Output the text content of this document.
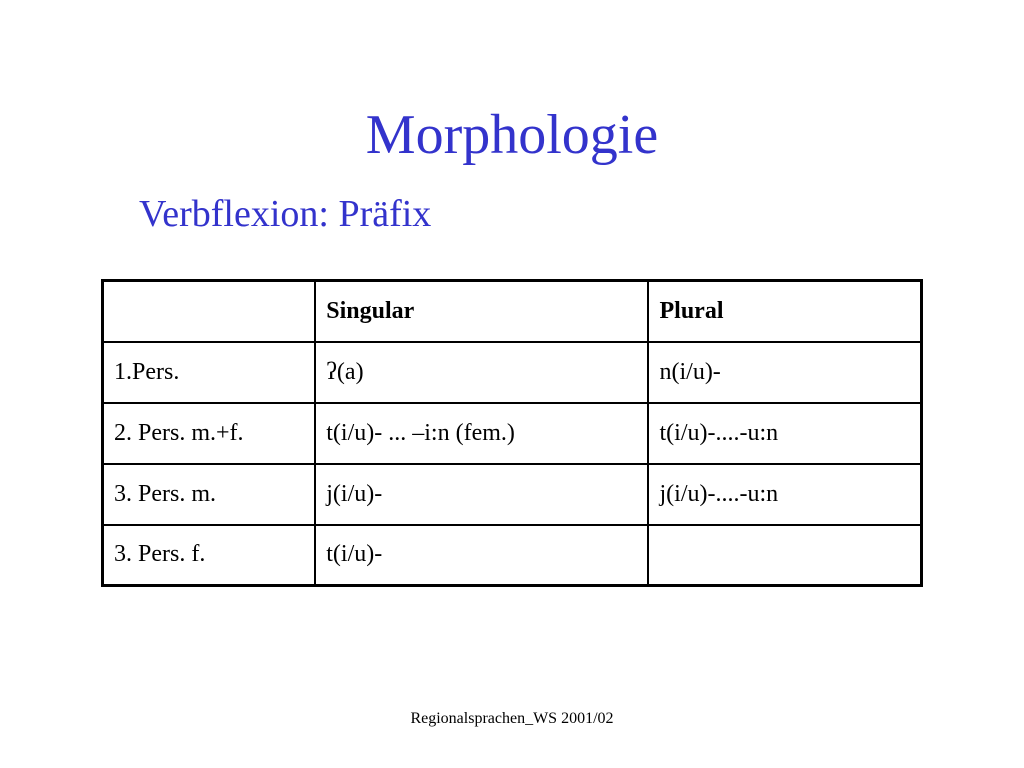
Morphologie
Verbflexion: Präfix
	Singular	Plural
1.Pers.	ʔ(a)	n(i/u)-
2. Pers. m.+f.	t(i/u)- ... –i:n (fem.)	t(i/u)-....-u:n
3. Pers. m.	j(i/u)-	j(i/u)-....-u:n
3. Pers. f.	t(i/u)-	
Regionalsprachen_WS 2001/02
